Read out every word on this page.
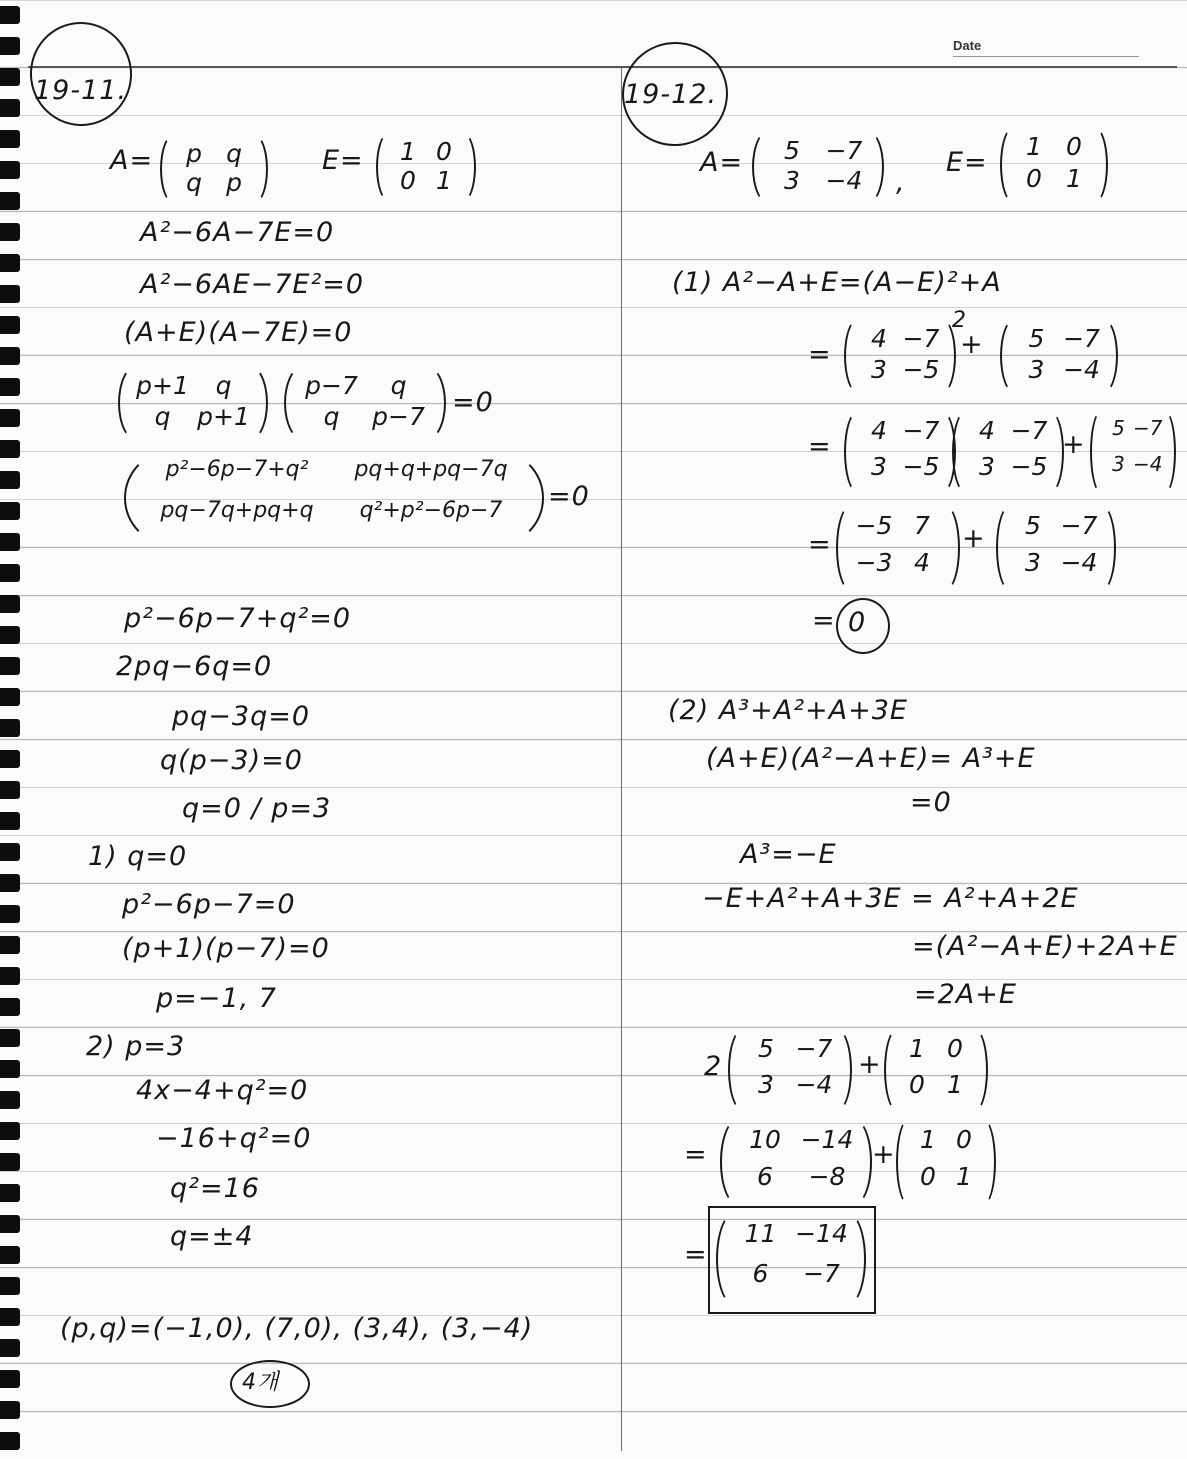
Date
19-11.
A=	p q
q p
E=	1 0
0 1
A²−6A−7E=0
A²−6AE−7E²=0
(A+E)(A−7E)=0
p+1	q
q	p+1
p−7	q
q	p−7 =0
p²−6p−7+q²	pq+q+pq−7q
pq−7q+pq+q	q²+p²−6p−7	=0
p²−6p−7+q²=0
2pq−6q=0
pq−3q=0
q(p−3)=0
q=0 / p=3
1) q=0
p²−6p−7=0
(p+1)(p−7)=0
p=−1, 7
2) p=3
4x−4+q²=0
−16+q²=0
q²=16
q=±4
(p,q)=(−1,0), (7,0), (3,4), (3,−4)
4개
19-12.
A=	5	−7
3	−4 ,
E=
1 0
0 1
(1) A²−A+E=(A−E)²+A
=
4 −7
3 −5
2
+	5 −7
3 −4
=
4 −7
3 −5
4 −7
3 −5
+
5 −7
3 −4
=
−5 7
−3 4
+	5 −7
3 −4
= 0
(2) A³+A²+A+3E
(A+E)(A²−A+E)= A³+E
=0
A³=−E
−E+A²+A+3E = A²+A+2E
=(A²−A+E)+2A+E
=2A+E
2
5 −7
3 −4
+
1 0
0 1
=	10 −14
6	−8
+ 1 0
0 1
=
11 −14
6	−7
